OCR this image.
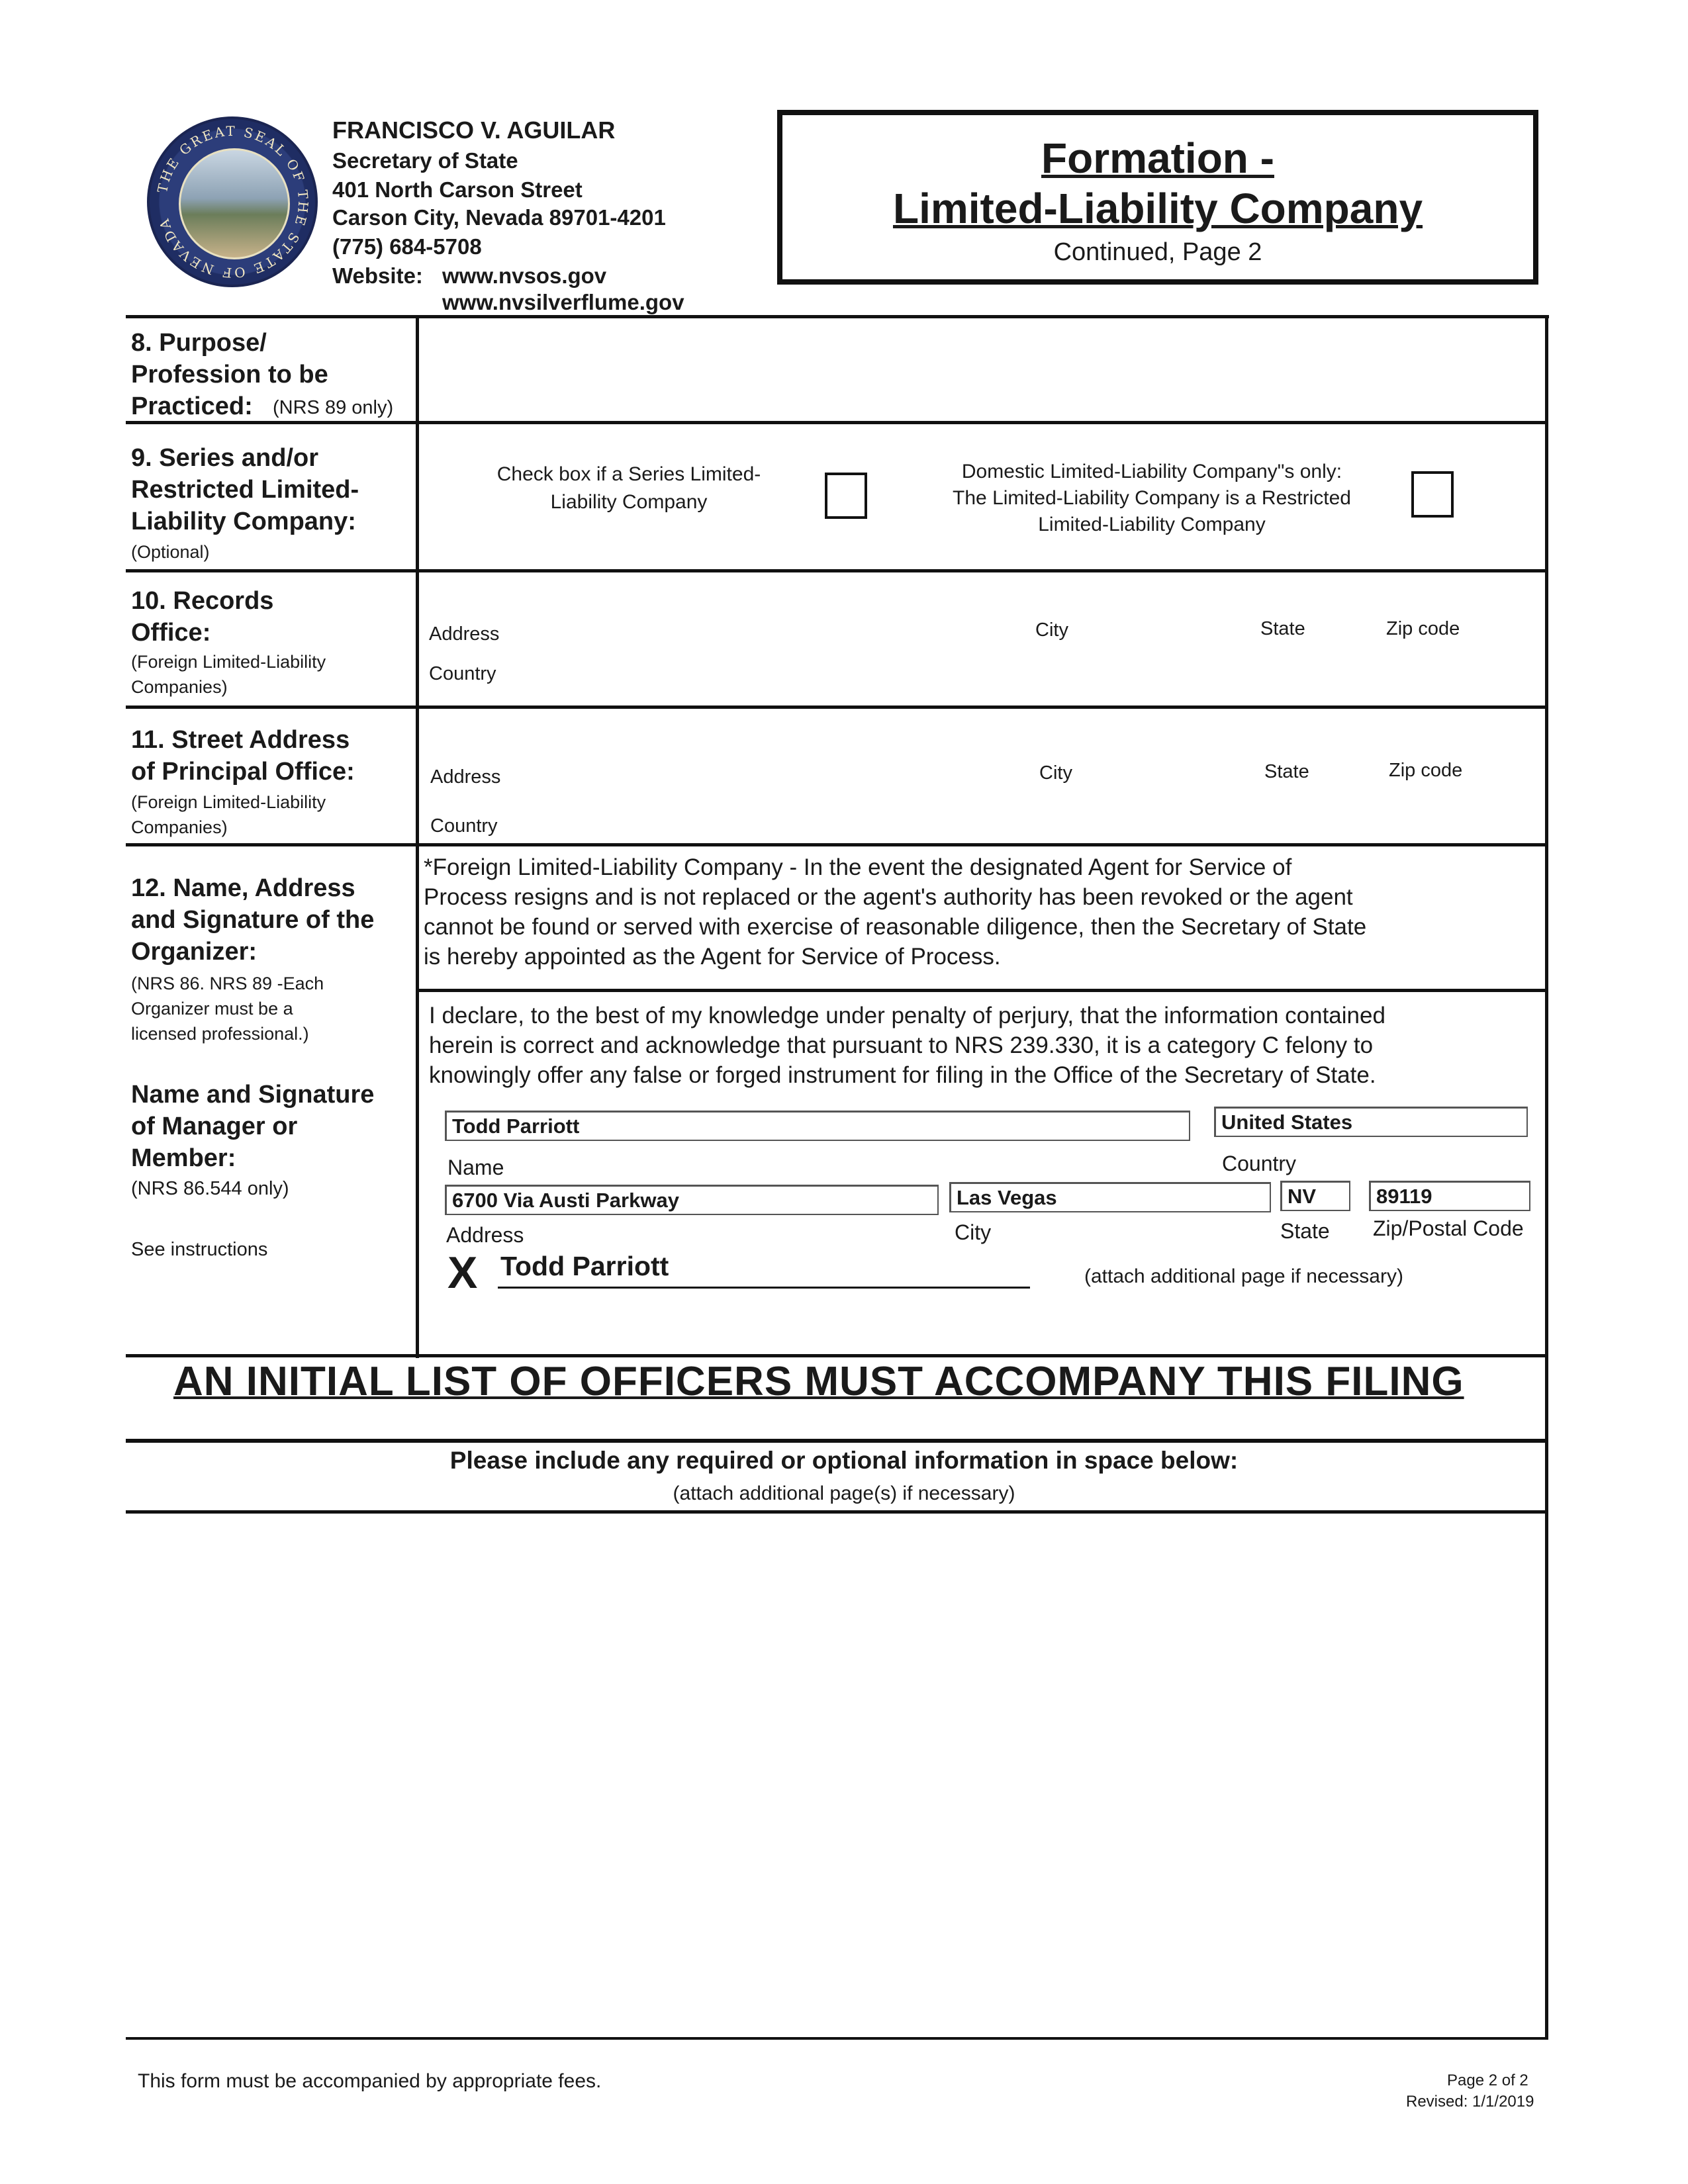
THE GREAT SEAL OF THE STATE OF NEVADA
FRANCISCO V. AGUILAR
Secretary of State
401 North Carson Street
Carson City, Nevada 89701-4201
(775) 684-5708
Website: www.nvsos.gov
www.nvsilverflume.gov
Formation -
Limited-Liability Company
Continued, Page 2
8. Purpose/
Profession to be
Practiced: (NRS 89 only)
9. Series and/or
Restricted Limited-
Liability Company:
(Optional)
Check box if a Series Limited-
Liability Company
Domestic Limited-Liability Company"s only:
The Limited-Liability Company is a Restricted
Limited-Liability Company
10. Records
Office:
(Foreign Limited-Liability
Companies)
Address	City	State	Zip code
Country
11. Street Address
of Principal Office:
(Foreign Limited-Liability
Companies)
Address	City	State	Zip code
Country
12. Name, Address
and Signature of the
Organizer:
(NRS 86. NRS 89 -Each
Organizer must be a
licensed professional.)
Name and Signature
of Manager or
Member:
(NRS 86.544 only)
See instructions
*Foreign Limited-Liability Company - In the event the designated Agent for Service of
Process resigns and is not replaced or the agent's authority has been revoked or the agent
cannot be found or served with exercise of reasonable diligence, then the Secretary of State
is hereby appointed as the Agent for Service of Process.
I declare, to the best of my knowledge under penalty of perjury, that the information contained
herein is correct and acknowledge that pursuant to NRS 239.330, it is a category C felony to
knowingly offer any false or forged instrument for filing in the Office of the Secretary of State.
Todd Parriott
Name
United States
Country
6700 Via Austi Parkway
Address
Las Vegas
City
NV
State
89119
Zip/Postal Code
X Todd Parriott	(attach additional page if necessary)
AN INITIAL LIST OF OFFICERS MUST ACCOMPANY THIS FILING
Please include any required or optional information in space below:
(attach additional page(s) if necessary)
This form must be accompanied by appropriate fees.	Page 2 of 2
Revised: 1/1/2019
